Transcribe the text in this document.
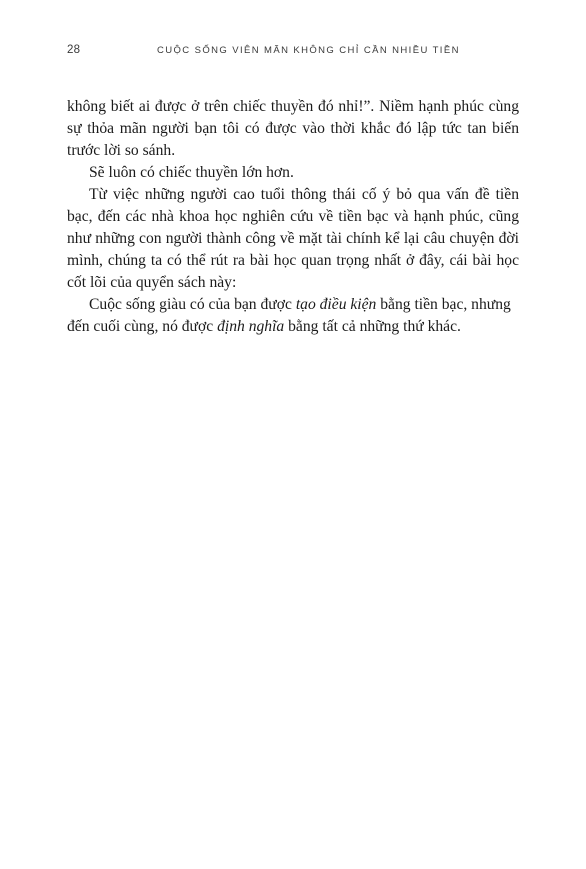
28	CUỘC SỐNG VIÊN MÃN KHÔNG CHỈ CẦN NHIỀU TIỀN

không biết ai được ở trên chiếc thuyền đó nhỉ!”. Niềm hạnh phúc cùng sự thỏa mãn người bạn tôi có được vào thời khắc đó lập tức tan biến trước lời so sánh.

Sẽ luôn có chiếc thuyền lớn hơn.

Từ việc những người cao tuổi thông thái cố ý bỏ qua vấn đề tiền bạc, đến các nhà khoa học nghiên cứu về tiền bạc và hạnh phúc, cũng như những con người thành công về mặt tài chính kể lại câu chuyện đời mình, chúng ta có thể rút ra bài học quan trọng nhất ở đây, cái bài học cốt lõi của quyển sách này:

Cuộc sống giàu có của bạn được tạo điều kiện bằng tiền bạc, nhưng đến cuối cùng, nó được định nghĩa bằng tất cả những thứ khác.
